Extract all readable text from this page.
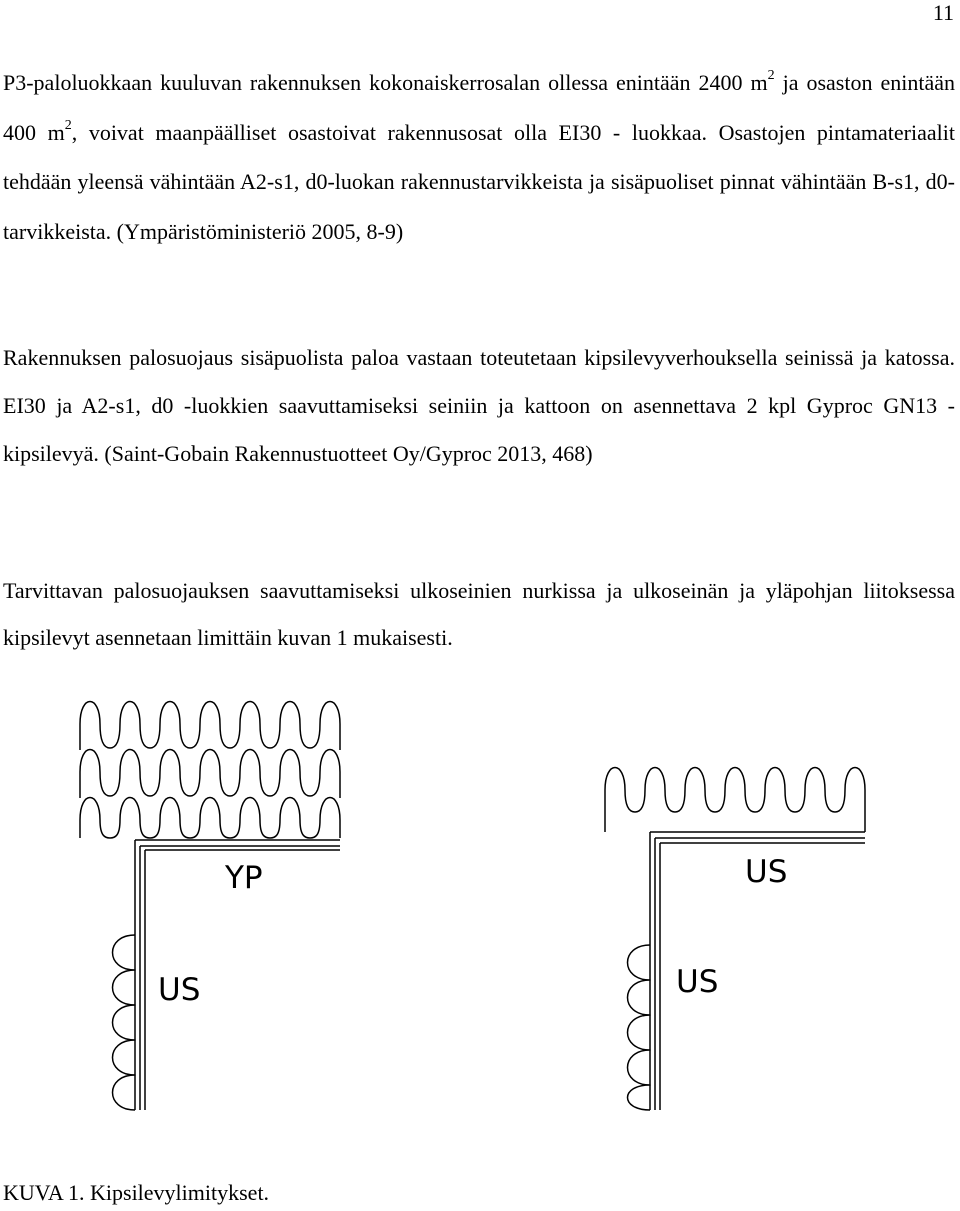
11

P3-paloluokkaan kuuluvan rakennuksen kokonaiskerrosalan ollessa enintään 2400 $m^2$ ja osaston enintään 400 $m^2$, voivat maanpäälliset osastoivat rakennusosat olla EI30 - luokkaa. Osastojen pintamateriaalit tehdään yleensä vähintään A2-s1, d0-luokan rakennustarvikkeista ja sisäpuoliset pinnat vähintään B-s1, d0-tarvikkeista. (Ympäristöministeriö 2005, 8-9)

Rakennuksen palosuojaus sisäpuolista paloa vastaan toteutetaan kipsilevyverhouksella seinissä ja katossa. EI30 ja A2-s1, d0 -luokkien saavuttamiseksi seiniin ja kattoon on asennettava 2 kpl Gyproc GN13 -kipsilevyä. (Saint-Gobain Rakennustuotteet Oy/Gyproc 2013, 468)

Tarvittavan palosuojauksen saavuttamiseksi ulkoseinien nurkissa ja ulkoseinän ja yläpohjan liitoksessa kipsilevyt asennetaan limittäin kuvan 1 mukaisesti.

YP
US
US
US

KUVA 1. Kipsilevylimitykset.
